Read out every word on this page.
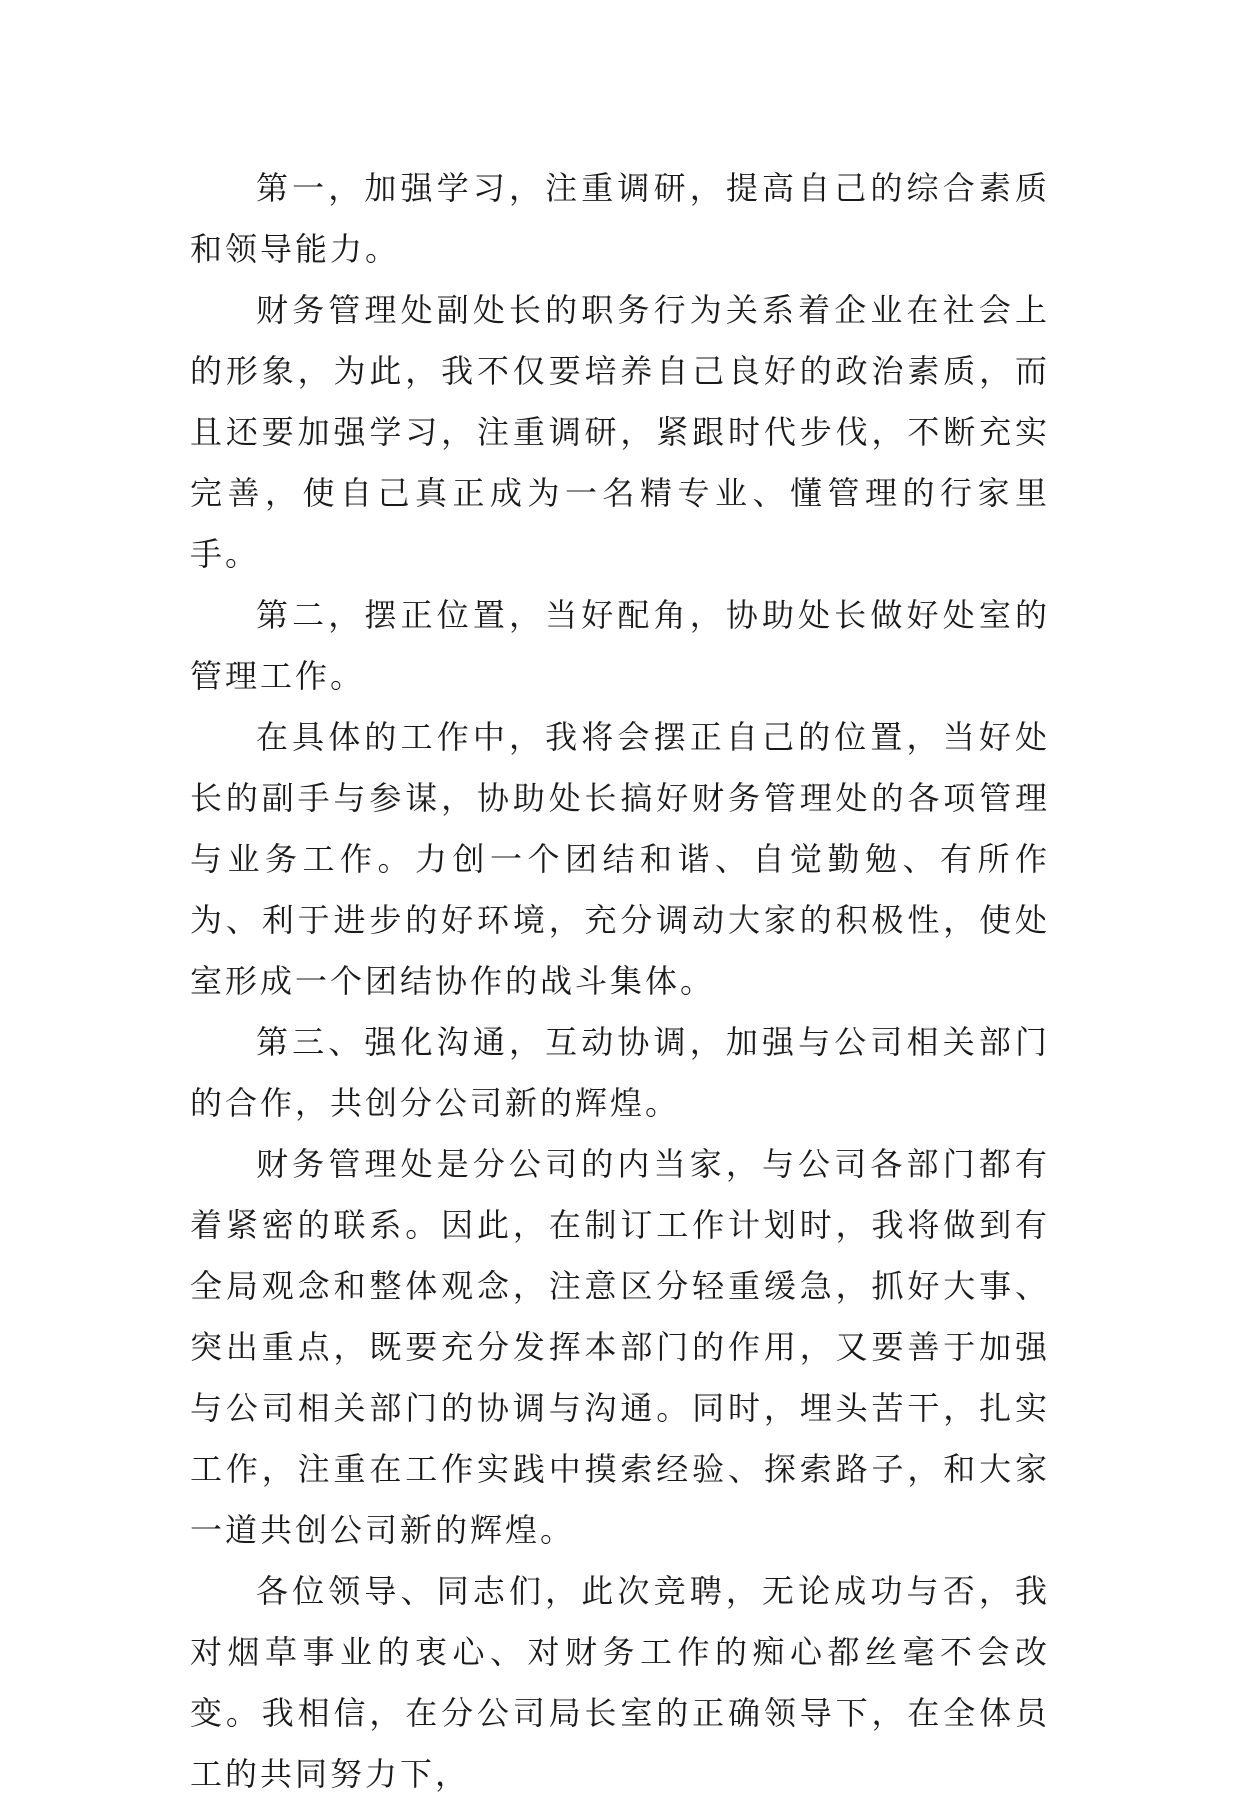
第一，加强学习，注重调研，提高自己的综合素质和领导能力。

财务管理处副处长的职务行为关系着企业在社会上的形象，为此，我不仅要培养自己良好的政治素质，而且还要加强学习，注重调研，紧跟时代步伐，不断充实完善，使自己真正成为一名精专业、懂管理的行家里手。

第二，摆正位置，当好配角，协助处长做好处室的管理工作。

在具体的工作中，我将会摆正自己的位置，当好处长的副手与参谋，协助处长搞好财务管理处的各项管理与业务工作。力创一个团结和谐、自觉勤勉、有所作为、利于进步的好环境，充分调动大家的积极性，使处室形成一个团结协作的战斗集体。

第三、强化沟通，互动协调，加强与公司相关部门的合作，共创分公司新的辉煌。

财务管理处是分公司的内当家，与公司各部门都有着紧密的联系。因此，在制订工作计划时，我将做到有全局观念和整体观念，注意区分轻重缓急，抓好大事、突出重点，既要充分发挥本部门的作用，又要善于加强与公司相关部门的协调与沟通。同时，埋头苦干，扎实工作，注重在工作实践中摸索经验、探索路子，和大家一道共创公司新的辉煌。

各位领导、同志们，此次竞聘，无论成功与否，我对烟草事业的衷心、对财务工作的痴心都丝毫不会改变。我相信，在分公司局长室的正确领导下，在全体员工的共同努力下，
